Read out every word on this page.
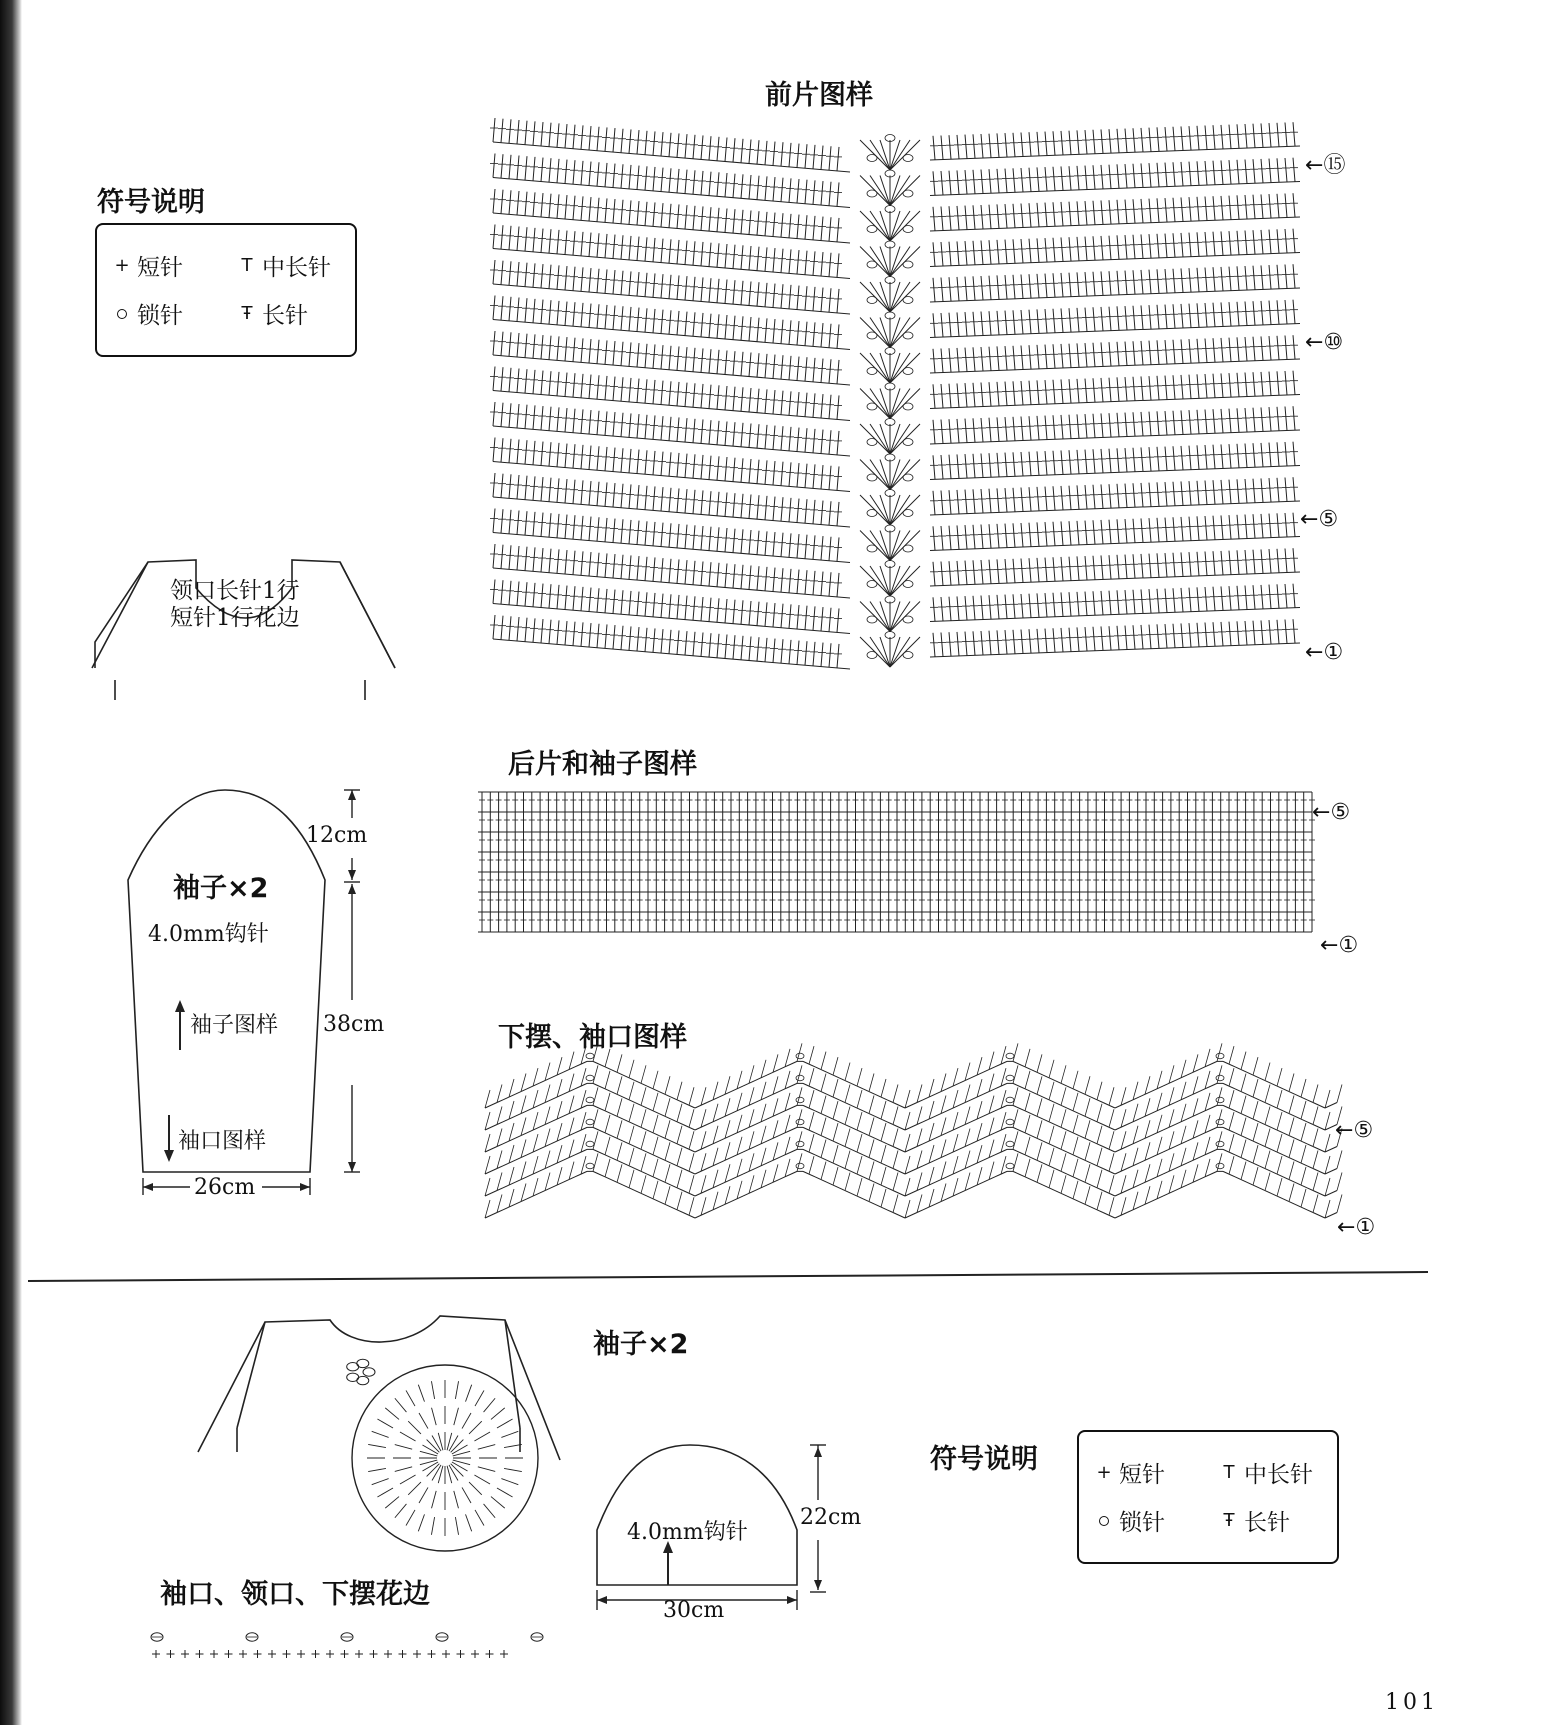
符号说明
+ 短针	T 中长针
锁针	Ŧ 长针
领口长针1行
短针1行花边
袖子×2
4.0mm钩针
袖子图样
袖口图样
12cm
38cm
26cm
前片图样
后片和袖子图样
下摆、袖口图样
←⑮
←⑩
←⑤
←①
←⑤
←①
←⑤
←①
袖子×2
4.0mm钩针
22cm
30cm
符号说明	+ 短针	T 中长针
锁针	Ŧ 长针
袖口、领口、下摆花边
101
